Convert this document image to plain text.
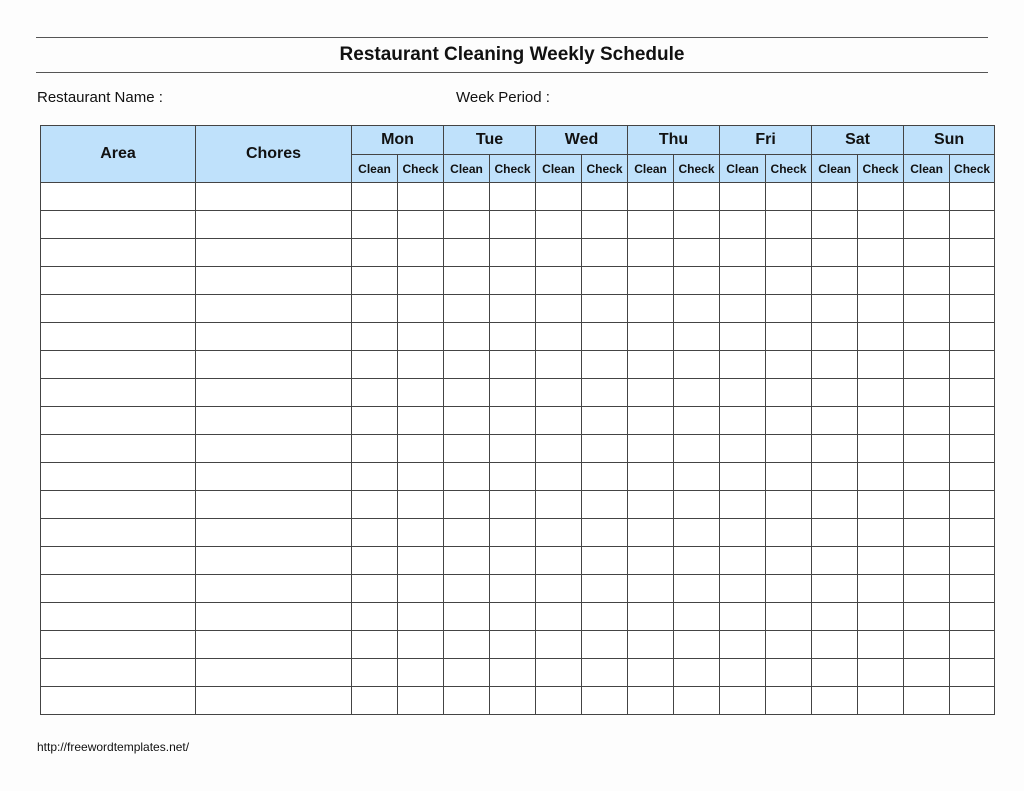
Restaurant Cleaning Weekly Schedule
Restaurant Name :	Week Period :
Area	Chores	Mon		Tue		Wed		Thu		Fri		Sat		Sun	
		Clean	Check	Clean	Check	Clean	Check	Clean	Check	Clean	Check	Clean	Check	Clean	Check

http://freewordtemplates.net/
